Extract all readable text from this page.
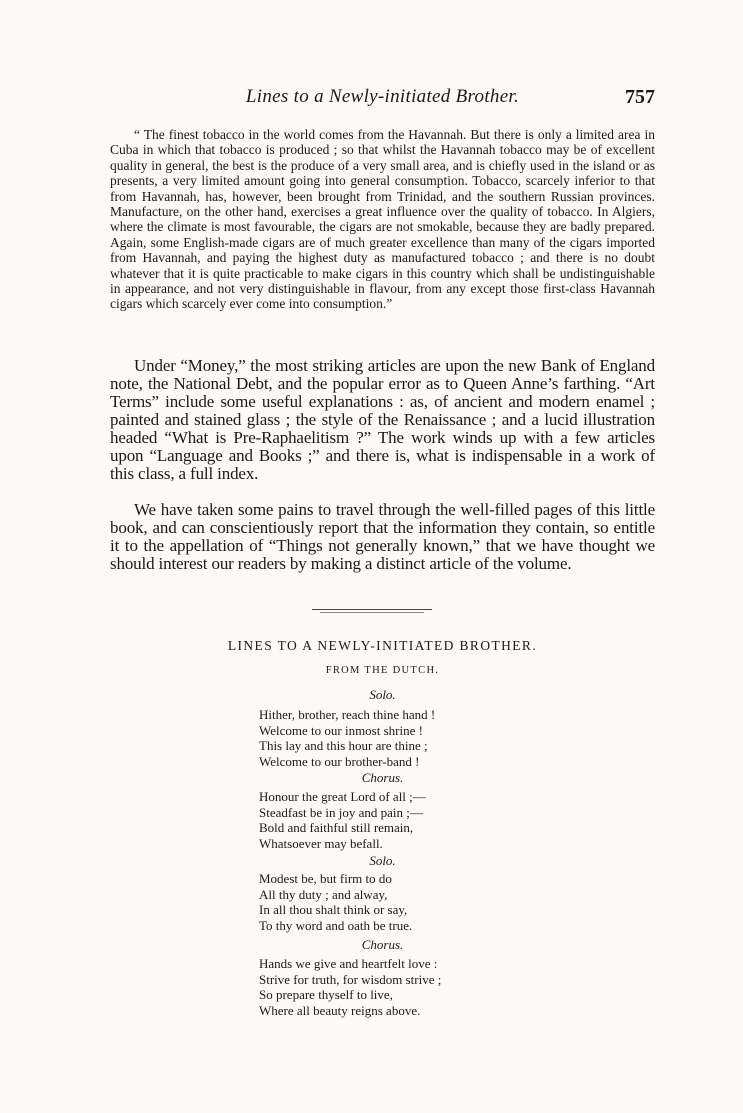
Lines to a Newly-initiated Brother.	757

“ The finest tobacco in the world comes from the Havannah. But there is only a limited area in Cuba in which that tobacco is produced ; so that whilst the Havannah tobacco may be of excellent quality in general, the best is the produce of a very small area, and is chiefly used in the island or as presents, a very limited amount going into general consumption. Tobacco, scarcely inferior to that from Havannah, has, however, been brought from Trinidad, and the southern Russian provinces. Manufacture, on the other hand, exercises a great influence over the quality of tobacco. In Algiers, where the climate is most favourable, the cigars are not smokable, because they are badly prepared. Again, some English-made cigars are of much greater excellence than many of the cigars imported from Havannah, and paying the highest duty as manufactured tobacco ; and there is no doubt whatever that it is quite practicable to make cigars in this country which shall be undistinguishable in appearance, and not very distinguishable in flavour, from any except those first-class Havannah cigars which scarcely ever come into consumption.”

Under “Money,” the most striking articles are upon the new Bank of England note, the National Debt, and the popular error as to Queen Anne’s farthing. “Art Terms” include some useful explanations : as, of ancient and modern enamel ; painted and stained glass ; the style of the Renaissance ; and a lucid illustration headed “What is Pre-Raphaelitism ?” The work winds up with a few articles upon “Language and Books ;” and there is, what is indispensable in a work of this class, a full index.

We have taken some pains to travel through the well-filled pages of this little book, and can conscientiously report that the information they contain, so entitle it to the appellation of “Things not generally known,” that we have thought we should interest our readers by making a distinct article of the volume.

LINES TO A NEWLY-INITIATED BROTHER.
FROM THE DUTCH.
Solo.
Hither, brother, reach thine hand !
Welcome to our inmost shrine !
This lay and this hour are thine ;
Welcome to our brother-band !
Chorus.
Honour the great Lord of all ;—
Steadfast be in joy and pain ;—
Bold and faithful still remain,
Whatsoever may befall.
Solo.
Modest be, but firm to do
All thy duty ; and alway,
In all thou shalt think or say,
To thy word and oath be true.
Chorus.
Hands we give and heartfelt love :
Strive for truth, for wisdom strive ;
So prepare thyself to live,
Where all beauty reigns above.
